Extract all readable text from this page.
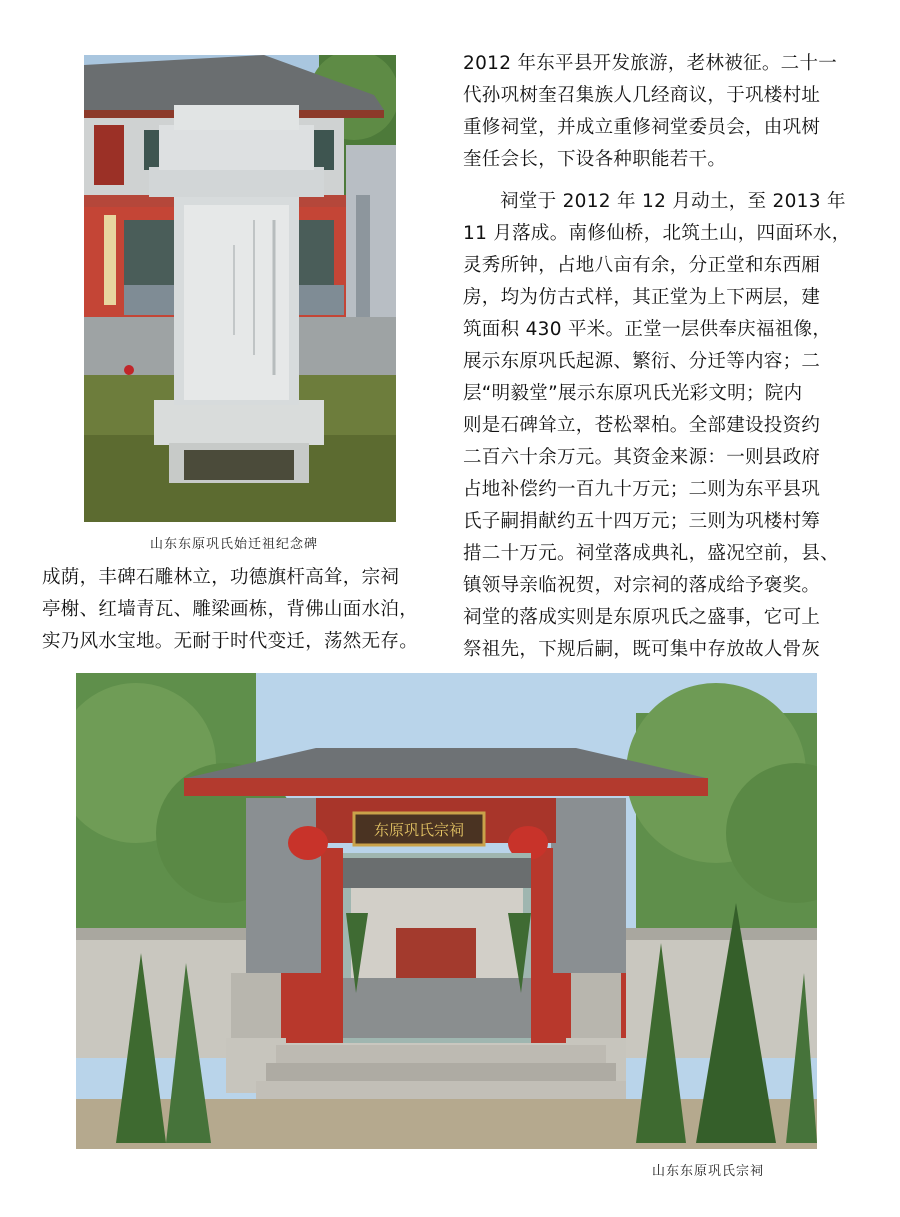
山东东原巩氏始迁祖纪念碑

成荫，丰碑石雕林立，功德旗杆高耸，宗祠

亭榭、红墙青瓦、雕梁画栋，背佛山面水泊，

实乃风水宝地。无耐于时代变迁，荡然无存。

2012 年东平县开发旅游，老林被征。二十一

代孙巩树奎召集族人几经商议，于巩楼村址

重修祠堂，并成立重修祠堂委员会，由巩树

奎任会长，下设各种职能若干。

祠堂于 2012 年 12 月动土，至 2013 年

11 月落成。南修仙桥，北筑土山，四面环水，

灵秀所钟，占地八亩有余，分正堂和东西厢

房，均为仿古式样，其正堂为上下两层，建

筑面积 430 平米。正堂一层供奉庆福祖像，

展示东原巩氏起源、繁衍、分迁等内容；二

层“明毅堂”展示东原巩氏光彩文明；院内

则是石碑耸立，苍松翠柏。全部建设投资约

二百六十余万元。其资金来源：一则县政府

占地补偿约一百九十万元；二则为东平县巩

氏子嗣捐献约五十四万元；三则为巩楼村筹

措二十万元。祠堂落成典礼，盛况空前，县、

镇领导亲临祝贺，对宗祠的落成给予褒奖。

祠堂的落成实则是东原巩氏之盛事，它可上

祭祖先，下规后嗣，既可集中存放故人骨灰

东原巩氏宗祠
山东东原巩氏宗祠
